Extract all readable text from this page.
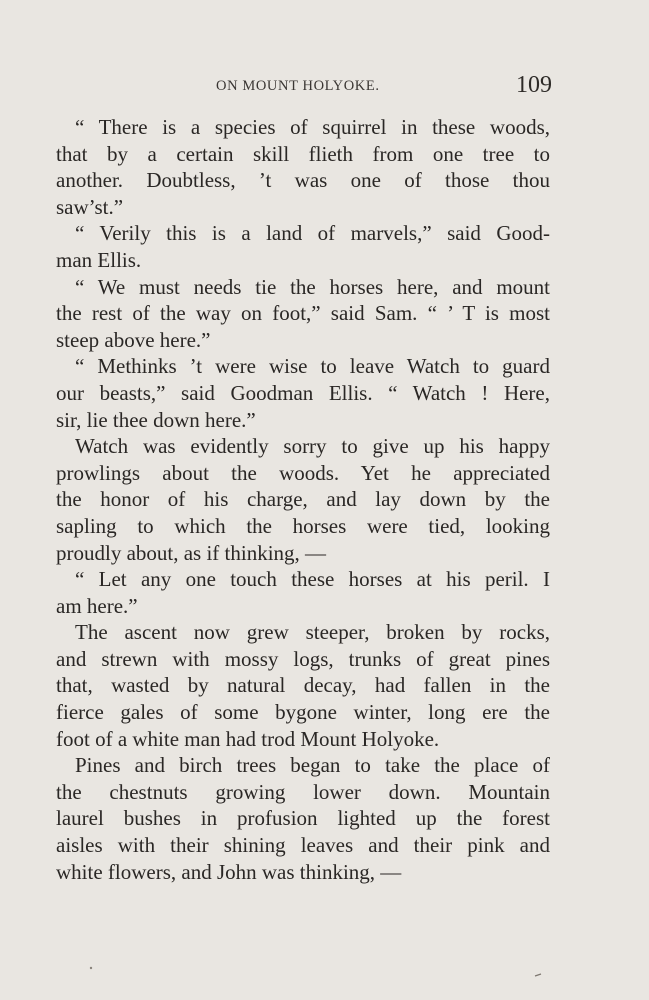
ON MOUNT HOLYOKE.	109
“ There is a species of squirrel in these woods,
that by a certain skill flieth from one tree to
another. Doubtless, ’t was one of those thou
saw’st.”
“ Verily this is a land of marvels,” said Good-
man Ellis.
“ We must needs tie the horses here, and mount
the rest of the way on foot,” said Sam. “ ’ T is most
steep above here.”
“ Methinks ’t were wise to leave Watch to guard
our beasts,” said Goodman Ellis. “ Watch ! Here,
sir, lie thee down here.”
Watch was evidently sorry to give up his happy
prowlings about the woods. Yet he appreciated
the honor of his charge, and lay down by the
sapling to which the horses were tied, looking
proudly about, as if thinking, —
“ Let any one touch these horses at his peril. I
am here.”
The ascent now grew steeper, broken by rocks,
and strewn with mossy logs, trunks of great pines
that, wasted by natural decay, had fallen in the
fierce gales of some bygone winter, long ere the
foot of a white man had trod Mount Holyoke.
Pines and birch trees began to take the place of
the chestnuts growing lower down. Mountain
laurel bushes in profusion lighted up the forest
aisles with their shining leaves and their pink and
white flowers, and John was thinking, —
